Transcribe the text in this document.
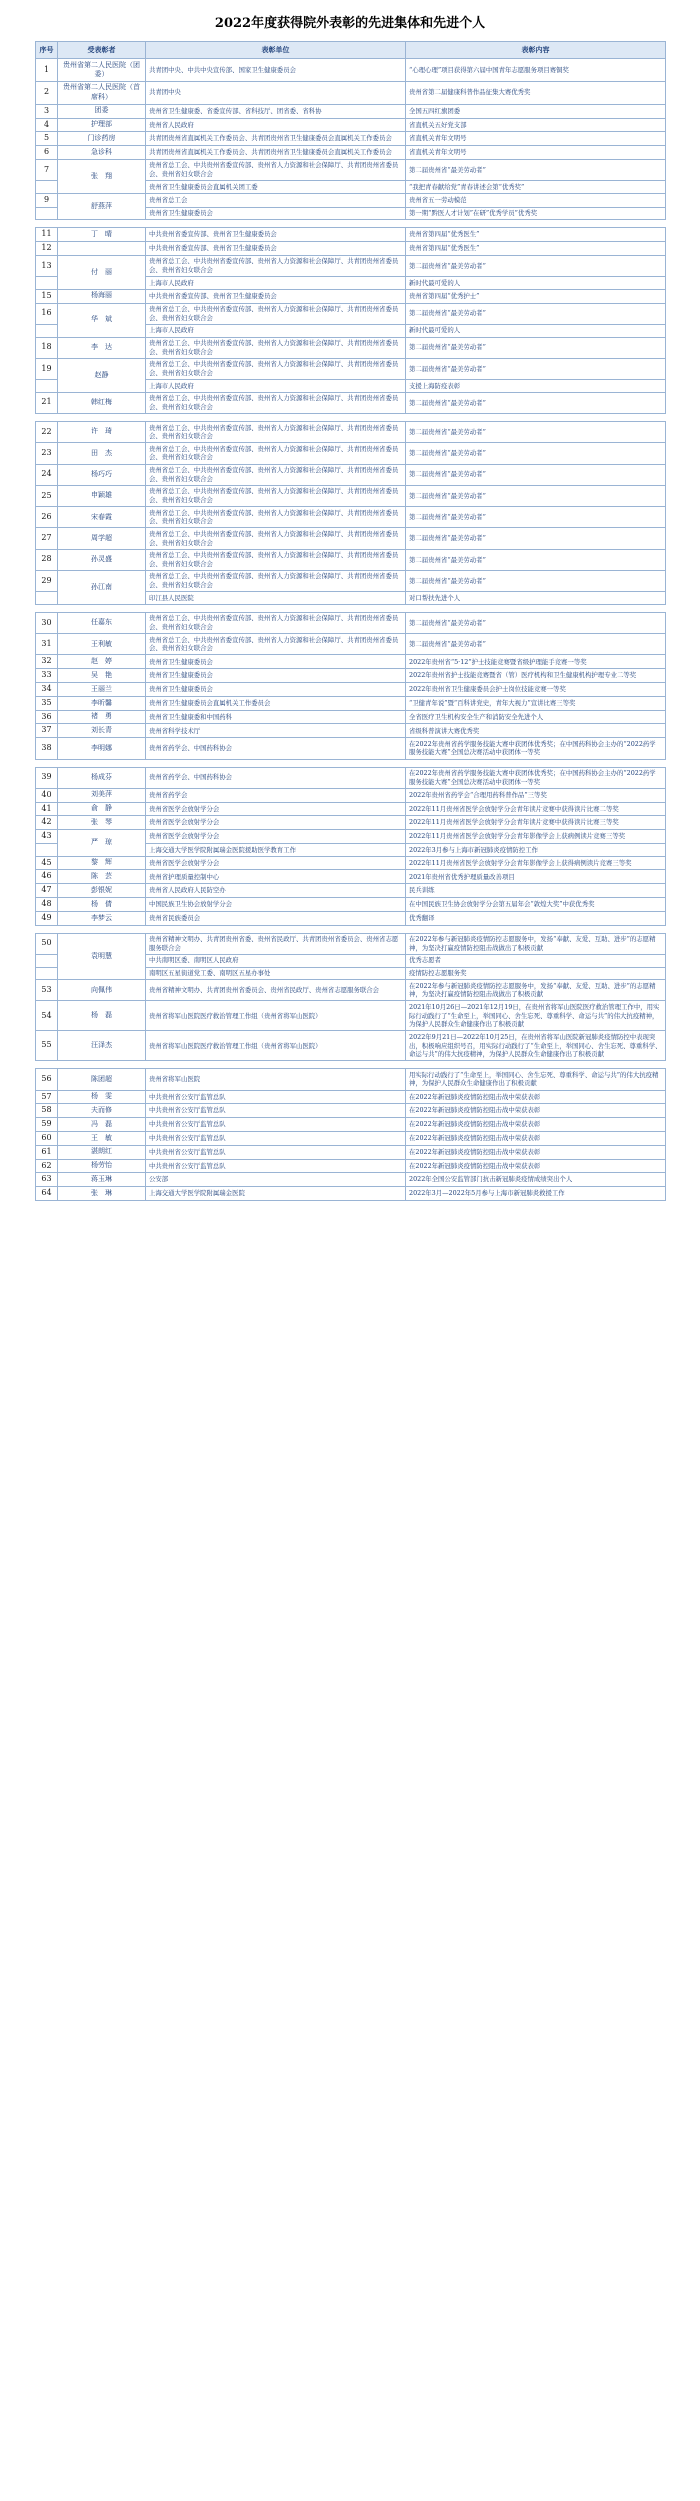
2022年度获得院外表彰的先进集体和先进个人
序号	受表彰者	表彰单位	表彰内容
1	贵州省第二人民医院（团委）	共青团中央、中共中央宣传部、国家卫生健康委员会	“心理心理”项目获得第六届中国青年志愿服务项目赛铜奖
2	贵州省第二人民医院（首席科）	共青团中央	贵州省第二届健康科普作品征集大赛优秀奖
3	团委	贵州省卫生健康委、省委宣传部、省科技厅、团省委、省科协	全国五四红旗团委
4	护理部	贵州省人民政府	省直机关五好党支部
5	门诊药房	共青团贵州省直属机关工作委员会、共青团贵州省卫生健康委员会直属机关工作委员会	省直机关青年文明号
6	急诊科	共青团贵州省直属机关工作委员会、共青团贵州省卫生健康委员会直属机关工作委员会	省直机关青年文明号
7	张　翔	贵州省总工会、中共贵州省委宣传部、贵州省人力资源和社会保障厅、共青团贵州省委员会、贵州省妇女联合会	第二届贵州省“最美劳动者”
		贵州省卫生健康委员会直属机关团工委	“我把青春献给党”青春讲述会第“优秀奖”
9	舒燕萍	贵州省总工会	贵州省五一劳动模范
		贵州省卫生健康委员会	第一期“黔医人才计划”在研”优秀学员”优秀奖

11	丁　晴	中共贵州省委宣传部、贵州省卫生健康委员会	贵州省第四届“优秀医生”
12		中共贵州省委宣传部、贵州省卫生健康委员会	贵州省第四届“优秀医生”
13	付　丽	贵州省总工会、中共贵州省委宣传部、贵州省人力资源和社会保障厅、共青团贵州省委员会、贵州省妇女联合会	第二届贵州省“最美劳动者”
		上海市人民政府	新时代最可爱的人
15	杨海丽	中共贵州省委宣传部、贵州省卫生健康委员会	贵州省第四届“优秀护士”
16	华　斌	贵州省总工会、中共贵州省委宣传部、贵州省人力资源和社会保障厅、共青团贵州省委员会、贵州省妇女联合会	第二届贵州省“最美劳动者”
		上海市人民政府	新时代最可爱的人
18	李　达	贵州省总工会、中共贵州省委宣传部、贵州省人力资源和社会保障厅、共青团贵州省委员会、贵州省妇女联合会	第二届贵州省“最美劳动者”
19	赵静	贵州省总工会、中共贵州省委宣传部、贵州省人力资源和社会保障厅、共青团贵州省委员会、贵州省妇女联合会	第二届贵州省“最美劳动者”
		上海市人民政府	支援上海防疫表彰
21	韩红梅	贵州省总工会、中共贵州省委宣传部、贵州省人力资源和社会保障厅、共青团贵州省委员会、贵州省妇女联合会	第二届贵州省“最美劳动者”

22	许　琦	贵州省总工会、中共贵州省委宣传部、贵州省人力资源和社会保障厅、共青团贵州省委员会、贵州省妇女联合会	第二届贵州省“最美劳动者”
23	田　杰	贵州省总工会、中共贵州省委宣传部、贵州省人力资源和社会保障厅、共青团贵州省委员会、贵州省妇女联合会	第二届贵州省“最美劳动者”
24	杨巧巧	贵州省总工会、中共贵州省委宣传部、贵州省人力资源和社会保障厅、共青团贵州省委员会、贵州省妇女联合会	第二届贵州省“最美劳动者”
25	申颖雄	贵州省总工会、中共贵州省委宣传部、贵州省人力资源和社会保障厅、共青团贵州省委员会、贵州省妇女联合会	第二届贵州省“最美劳动者”
26	宋春霞	贵州省总工会、中共贵州省委宣传部、贵州省人力资源和社会保障厅、共青团贵州省委员会、贵州省妇女联合会	第二届贵州省“最美劳动者”
27	周学超	贵州省总工会、中共贵州省委宣传部、贵州省人力资源和社会保障厅、共青团贵州省委员会、贵州省妇女联合会	第二届贵州省“最美劳动者”
28	孙灵盛	贵州省总工会、中共贵州省委宣传部、贵州省人力资源和社会保障厅、共青团贵州省委员会、贵州省妇女联合会	第二届贵州省“最美劳动者”
29	孙江南	贵州省总工会、中共贵州省委宣传部、贵州省人力资源和社会保障厅、共青团贵州省委员会、贵州省妇女联合会	第二届贵州省“最美劳动者”
		印江县人民医院	对口帮扶先进个人

30	任嘉东	贵州省总工会、中共贵州省委宣传部、贵州省人力资源和社会保障厅、共青团贵州省委员会、贵州省妇女联合会	第二届贵州省“最美劳动者”
31	王利敏	贵州省总工会、中共贵州省委宣传部、贵州省人力资源和社会保障厅、共青团贵州省委员会、贵州省妇女联合会	第二届贵州省“最美劳动者”
32	赵　婷	贵州省卫生健康委员会	2022年贵州省“5·12”护士技能竞赛暨省级护理能手竞赛一等奖
33	吴　艳	贵州省卫生健康委员会	2022年贵州省护士技能竞赛暨省（管）医疗机构和卫生健康机构护理专业二等奖
34	王丽兰	贵州省卫生健康委员会	2022年贵州省卫生健康委员会护士岗位技能竞赛一等奖
35	李昕馨	贵州省卫生健康委员会直属机关工作委员会	“卫健青年说”暨“百科讲党史，青年大视力”宣讲比赛三等奖
36	褚　勇	贵州省卫生健康委和中国药科	全省医疗卫生机构安全生产和消防安全先进个人
37	刘长青	贵州省科学技术厅	省级科普演讲大赛优秀奖
38	李明娜	贵州省药学会、中国药科协会	在2022年贵州省药学服务技能大赛中获团体优秀奖；在中国药科协会主办的“2022药学服务技能大赛”全国总决赛活动中获团体一等奖

39	杨成芬	贵州省药学会、中国药科协会	在2022年贵州省药学服务技能大赛中获团体优秀奖；在中国药科协会主办的“2022药学服务技能大赛”全国总决赛活动中获团体一等奖
40	刘美萍	贵州省药学会	2022年贵州省药学会“合理用药科普作品”三等奖
41	俞　静	贵州省医学会放射学分会	2022年11月贵州省医学会放射学分会青年读片竞赛中获得读片比赛二等奖
42	张　琴	贵州省医学会放射学分会	2022年11月贵州省医学会放射学分会青年读片竞赛中获得读片比赛三等奖
43	严　琼	贵州省医学会放射学分会	2022年11月贵州省医学会放射学分会青年影像学会上获病例读片竞赛三等奖
		上海交通大学医学院附属瑞金医院援助医学教育工作	2022年3月参与上海市新冠肺炎疫情防控工作
45	黎　辉	贵州省医学会放射学分会	2022年11月贵州省医学会放射学分会青年影像学会上获得病例读片竞赛三等奖
46	陈　芸	贵州省护理质量控制中心	2021年贵州省优秀护理质量改善项目
47	彭银妮	贵州省人民政府人民防空办	民兵训练
48	杨　倩	中国民族卫生协会放射学分会	在中国民族卫生协会放射学分会第五届年会“敦煌大奖”中获优秀奖
49	李梦云	贵州省民族委员会	优秀翻译

50	袁明慧	贵州省精神文明办、共青团贵州省委、贵州省民政厅、共青团贵州省委员会、贵州省志愿服务联合会	在2022年参与新冠肺炎疫情防控志愿服务中，发扬“奉献、友爱、互助、进步”的志愿精神，为坚决打赢疫情防控阻击战做出了积极贡献
		中共南明区委、南明区人民政府	优秀志愿者
		南明区五星街道党工委、南明区五星办事处	疫情防控志愿服务奖
53	向佩伟	贵州省精神文明办、共青团贵州省委员会、贵州省民政厅、贵州省志愿服务联合会	在2022年参与新冠肺炎疫情防控志愿服务中，发扬“奉献、友爱、互助、进步”的志愿精神，为坚决打赢疫情防控阻击战做出了积极贡献
54	杨　磊	贵州省将军山医院医疗救治管理工作组（贵州省将军山医院）	2021年10月26日—2021年12月19日，在贵州省将军山医院医疗救治管理工作中，用实际行动践行了“生命至上，举国同心、舍生忘死、尊重科学、命运与共”的伟大抗疫精神，为保护人民群众生命健康作出了积极贡献
55	汪泽杰	贵州省将军山医院医疗救治管理工作组（贵州省将军山医院）	2022年9月21日—2022年10月25日，在贵州省将军山医院新冠肺炎疫情防控中表现突出，积极响应组织号召，用实际行动践行了“生命至上，举国同心、舍生忘死、尊重科学、命运与共”的伟大抗疫精神，为保护人民群众生命健康作出了积极贡献

56	陈团超	贵州省将军山医院	用实际行动践行了“生命至上，举国同心、舍生忘死、尊重科学、命运与共”的伟大抗疫精神，为保护人民群众生命健康作出了积极贡献
57	杨　雯	中共贵州省公安厅监管总队	在2022年新冠肺炎疫情防控阻击战中荣获表彰
58	夫而修	中共贵州省公安厅监管总队	在2022年新冠肺炎疫情防控阻击战中荣获表彰
59	冯　磊	中共贵州省公安厅监管总队	在2022年新冠肺炎疫情防控阻击战中荣获表彰
60	王　敏	中共贵州省公安厅监管总队	在2022年新冠肺炎疫情防控阻击战中荣获表彰
61	湛朗红	中共贵州省公安厅监管总队	在2022年新冠肺炎疫情防控阻击战中荣获表彰
62	杨劳怡	中共贵州省公安厅监管总队	在2022年新冠肺炎疫情防控阻击战中荣获表彰
63	蒋玉琳	公安部	2022年全国公安监管部门抗击新冠肺炎疫情成绩突出个人
64	张　琳	上海交通大学医学院附属瑞金医院	2022年3月—2022年5月参与上海市新冠肺炎救援工作
